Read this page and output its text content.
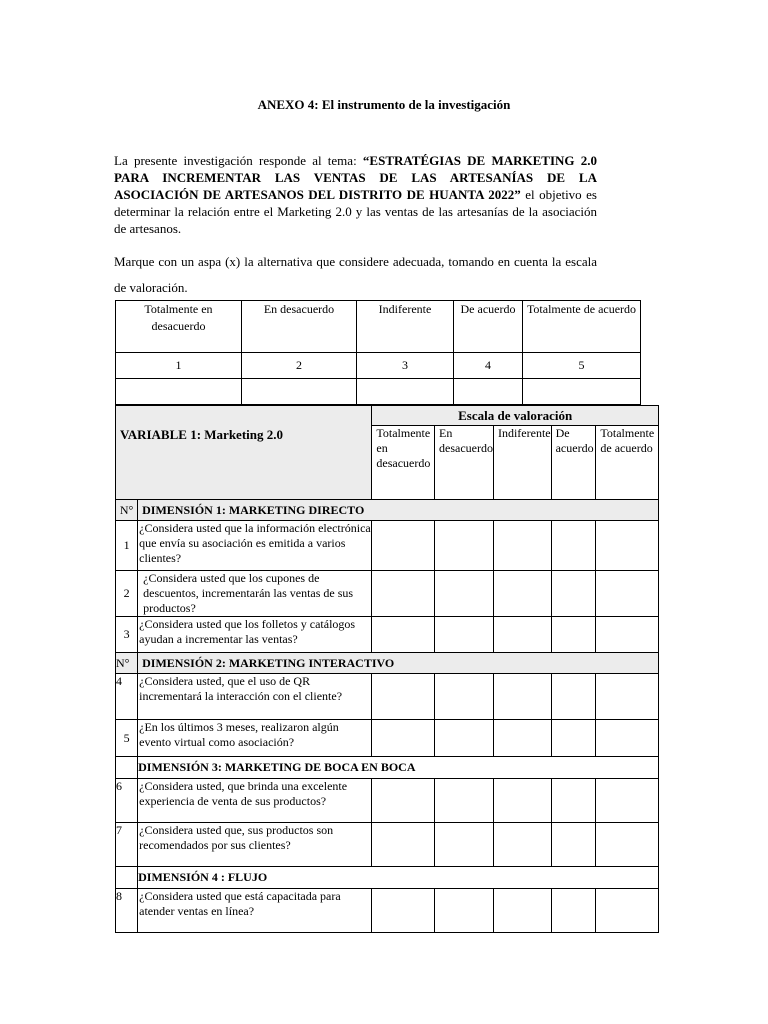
ANEXO 4: El instrumento de la investigación

La presente investigación responde al tema: “ESTRATÉGIAS DE MARKETING 2.0 PARA INCREMENTAR LAS VENTAS DE LAS ARTESANÍAS DE LA ASOCIACIÓN DE ARTESANOS DEL DISTRITO DE HUANTA 2022” el objetivo es determinar la relación entre el Marketing 2.0 y las ventas de las artesanías de la asociación de artesanos.

Marque con un aspa (x) la alternativa que considere adecuada, tomando en cuenta la escala de valoración.

Totalmente en desacuerdo	En desacuerdo	Indiferente	De acuerdo	Totalmente de acuerdo
1	2	3	4	5

VARIABLE 1: Marketing 2.0		Escala de valoración				
		Totalmente en desacuerdo	En desacuerdo	Indiferente	De acuerdo	Totalmente de acuerdo
N°	DIMENSIÓN 1: MARKETING DIRECTO					
1	¿Considera usted que la información electrónica que envía su asociación es emitida a varios clientes?					
2	¿Considera usted que los cupones de descuentos, incrementarán las ventas de sus productos?					
3	¿Considera usted que los folletos y catálogos ayudan a incrementar las ventas?					
N°	DIMENSIÓN 2: MARKETING INTERACTIVO					
4	¿Considera usted, que el uso de QR incrementará la interacción con el cliente?					
5	¿En los últimos 3 meses, realizaron algún evento virtual como asociación?					
	DIMENSIÓN 3: MARKETING DE BOCA EN BOCA					
6	¿Considera usted, que brinda una excelente experiencia de venta de sus productos?					
7	¿Considera usted que, sus productos son recomendados por sus clientes?					
	DIMENSIÓN 4 : FLUJO					
8	¿Considera usted que está capacitada para atender ventas en línea?					
